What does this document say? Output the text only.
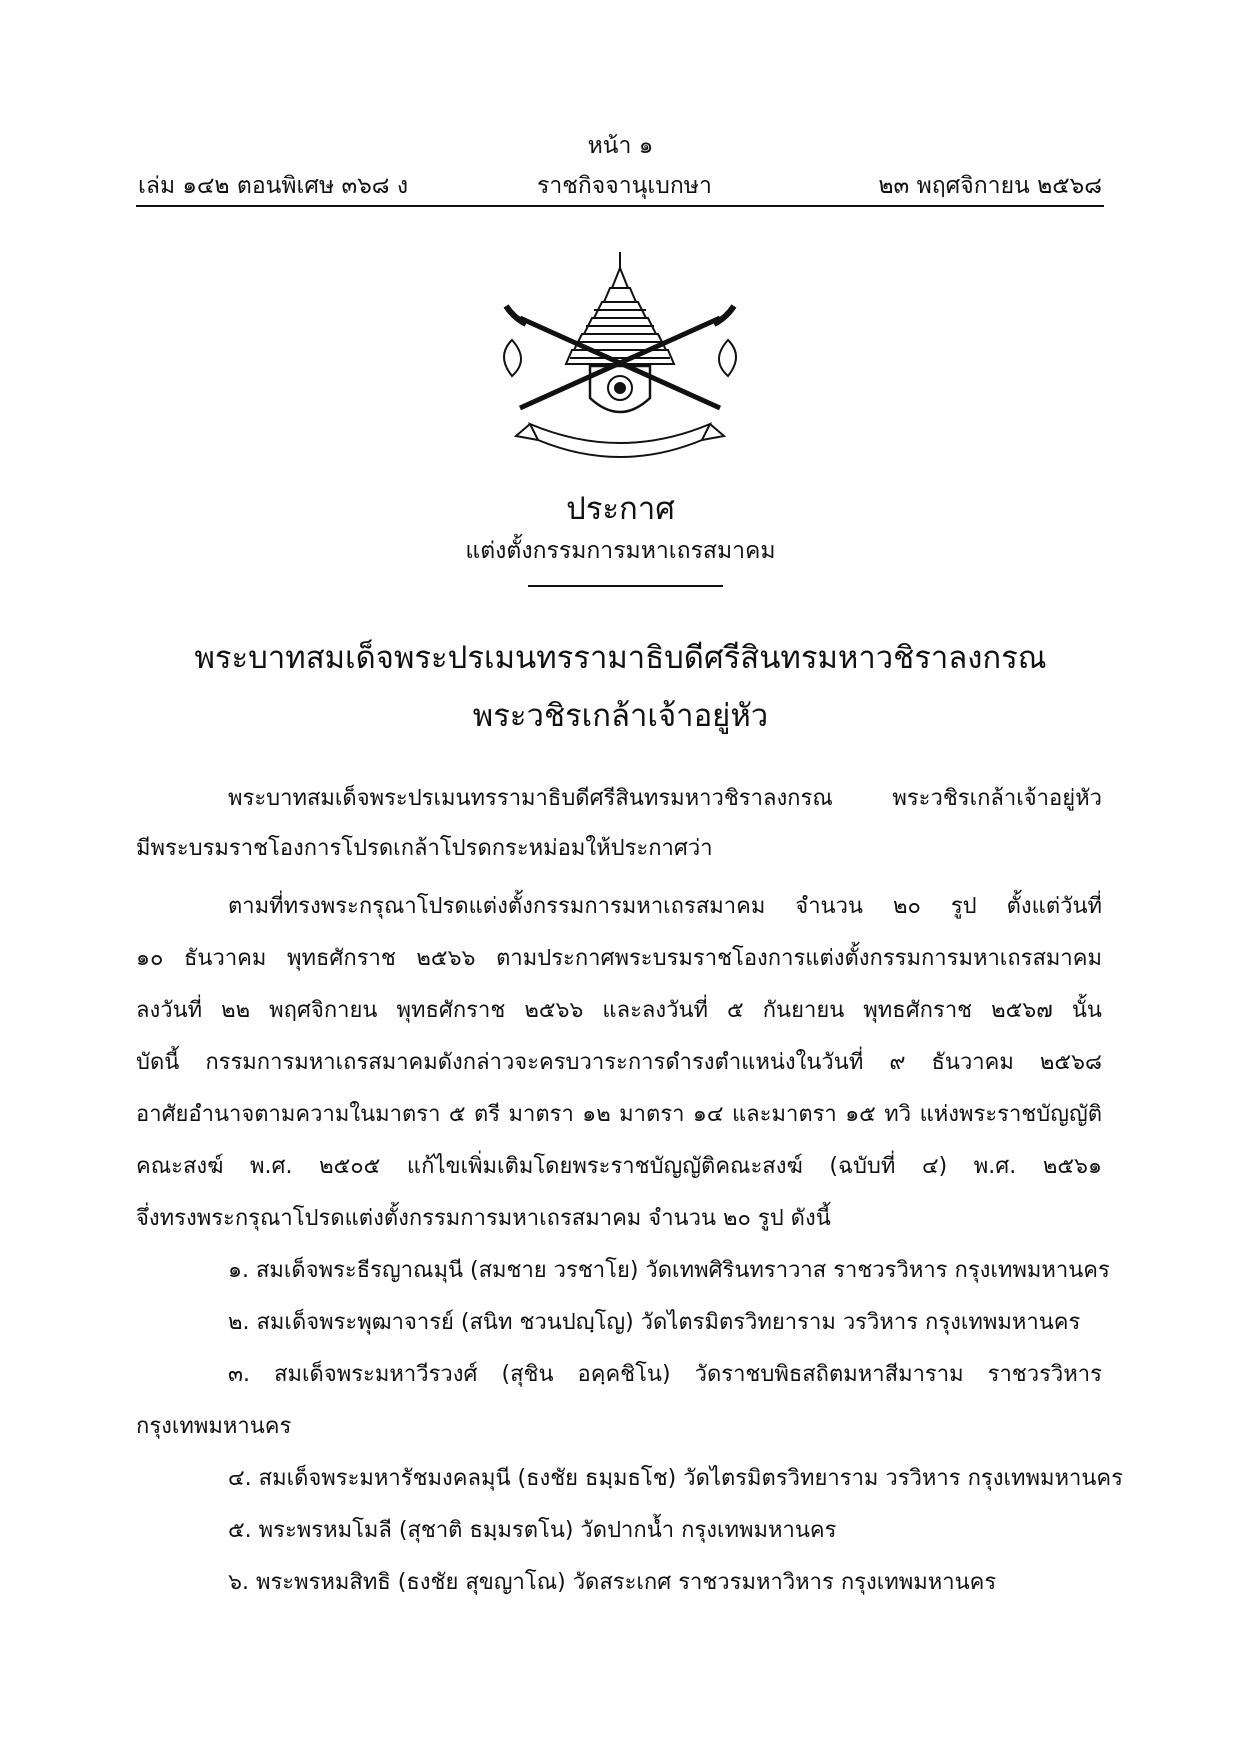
หน้า ๑
เล่ม ๑๔๒ ตอนพิเศษ ๓๖๘ ง	ราชกิจจานุเบกษา	๒๓ พฤศจิกายน ๒๕๖๘
ประกาศ
แต่งตั้งกรรมการมหาเถรสมาคม
พระบาทสมเด็จพระปรเมนทรรามาธิบดีศรีสินทรมหาวชิราลงกรณ
พระวชิรเกล้าเจ้าอยู่หัว
พระบาทสมเด็จพระปรเมนทรรามาธิบดีศรีสินทรมหาวชิราลงกรณ	พระวชิรเกล้าเจ้าอยู่หัว
มีพระบรมราชโองการโปรดเกล้าโปรดกระหม่อมให้ประกาศว่า
ตามที่ทรงพระกรุณาโปรดแต่งตั้งกรรมการมหาเถรสมาคม จำนวน ๒๐ รูป ตั้งแต่วันที่
๑๐ ธันวาคม พุทธศักราช ๒๕๖๖ ตามประกาศพระบรมราชโองการแต่งตั้งกรรมการมหาเถรสมาคม
ลงวันที่ ๒๒ พฤศจิกายน พุทธศักราช ๒๕๖๖ และลงวันที่ ๕ กันยายน พุทธศักราช ๒๕๖๗ นั้น
บัดนี้ กรรมการมหาเถรสมาคมดังกล่าวจะครบวาระการดำรงตำแหน่งในวันที่ ๙ ธันวาคม ๒๕๖๘
อาศัยอำนาจตามความในมาตรา ๕ ตรี มาตรา ๑๒ มาตรา ๑๔ และมาตรา ๑๕ ทวิ แห่งพระราชบัญญัติ
คณะสงฆ์ พ.ศ. ๒๕๐๕ แก้ไขเพิ่มเติมโดยพระราชบัญญัติคณะสงฆ์ (ฉบับที่ ๔) พ.ศ. ๒๕๖๑
จึ่งทรงพระกรุณาโปรดแต่งตั้งกรรมการมหาเถรสมาคม จำนวน ๒๐ รูป ดังนี้
๑. สมเด็จพระธีรญาณมุนี (สมชาย วรชาโย) วัดเทพศิรินทราวาส ราชวรวิหาร กรุงเทพมหานคร
๒. สมเด็จพระพุฒาจารย์ (สนิท ชวนปญฺโญ) วัดไตรมิตรวิทยาราม วรวิหาร กรุงเทพมหานคร
๓. สมเด็จพระมหาวีรวงศ์ (สุชิน อคฺคชิโน) วัดราชบพิธสถิตมหาสีมาราม ราชวรวิหาร
กรุงเทพมหานคร
๔. สมเด็จพระมหารัชมงคลมุนี (ธงชัย ธมฺมธโช) วัดไตรมิตรวิทยาราม วรวิหาร กรุงเทพมหานคร
๕. พระพรหมโมลี (สุชาติ ธมฺมรตโน) วัดปากน้ำ กรุงเทพมหานคร
๖. พระพรหมสิทธิ (ธงชัย สุขญาโณ) วัดสระเกศ ราชวรมหาวิหาร กรุงเทพมหานคร
